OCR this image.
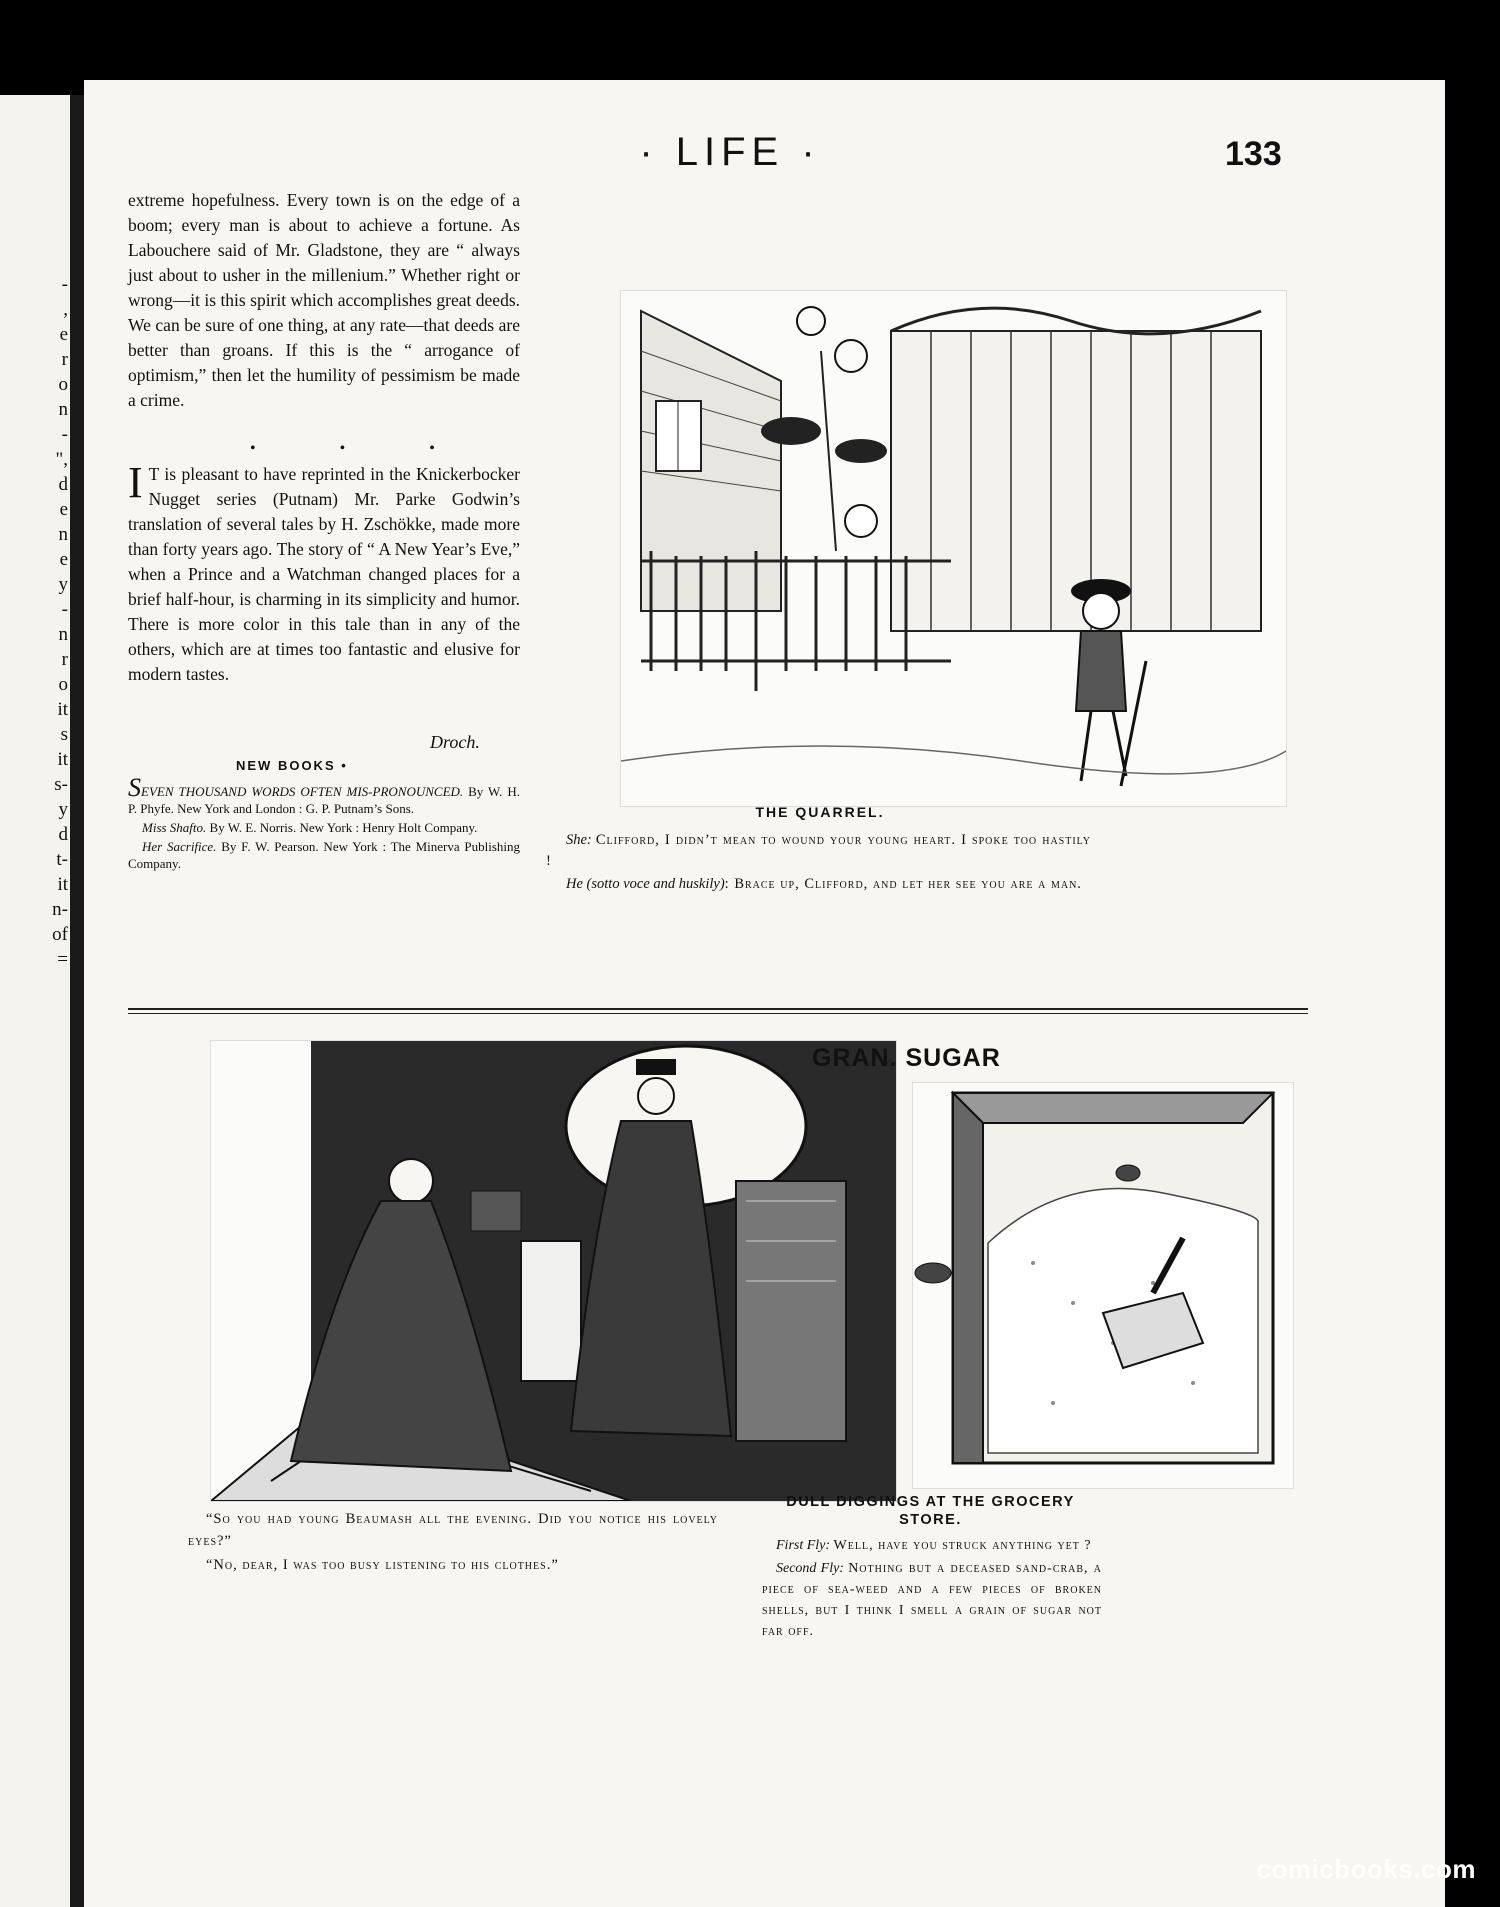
-
,
e
r
o
n
-
",
d
e
n
e
y
-
n
r
o
it
s
it
s-
y
d
t-
it
n-
of
=
· LIFE ·	133
extreme hopefulness. Every town is on the edge of a boom; every man is about to achieve a fortune. As Labouchere said of Mr. Gladstone, they are “ always just about to usher in the millenium.” Whether right or wrong—it is this spirit which accomplishes great deeds. We can be sure of one thing, at any rate—that deeds are better than groans. If this is the “ arrogance of optimism,” then let the humility of pessimism be made a crime.
• • •
I T is pleasant to have reprinted in the Knickerbocker Nugget series (Putnam) Mr. Parke Godwin’s translation of several tales by H. Zschökke, made more than forty years ago. The story of “ A New Year’s Eve,” when a Prince and a Watchman changed places for a brief half-hour, is charming in its simplicity and humor. There is more color in this tale than in any of the others, which are at times too fantastic and elusive for modern tastes.
Droch.
NEW BOOKS •

SEVEN THOUSAND WORDS OFTEN MIS-PRONOUNCED. By W. H. P. Phyfe. New York and London : G. P. Putnam’s Sons.

Miss Shafto. By W. E. Norris. New York : Henry Holt Company.

Her Sacrifice. By F. W. Pearson. New York : The Minerva Publishing Company.

THE QUARREL.

She: Clifford, I didn’t mean to wound your young heart. I spoke too hastily !

He (sotto voce and huskily): Brace up, Clifford, and let her see you are a man.

“So you had young Beaumash all the evening. Did you notice his lovely eyes?”

“No, dear, I was too busy listening to his clothes.”

GRAN. SUGAR
DULL DIGGINGS AT THE GROCERY STORE.

First Fly: Well, have you struck anything yet ?

Second Fly: Nothing but a deceased sand-crab, a piece of sea-weed and a few pieces of broken shells, but I think I smell a grain of sugar not far off.

comicbooks.com
